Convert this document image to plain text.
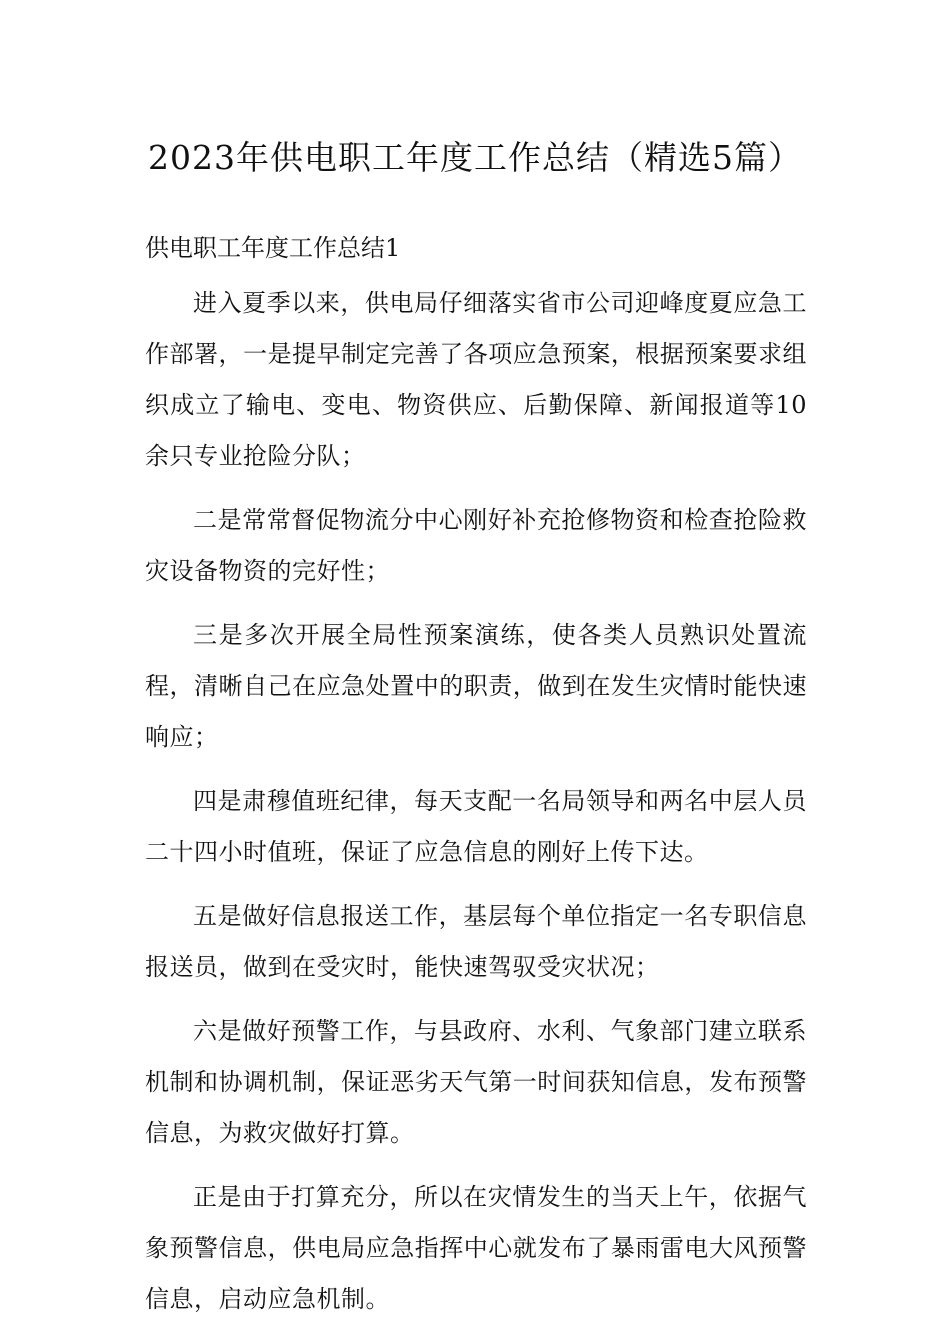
2023年供电职工年度工作总结（精选5篇）
供电职工年度工作总结1

进入夏季以来，供电局仔细落实省市公司迎峰度夏应急工作部署，一是提早制定完善了各项应急预案，根据预案要求组织成立了输电、变电、物资供应、后勤保障、新闻报道等10余只专业抢险分队；

二是常常督促物流分中心刚好补充抢修物资和检查抢险救灾设备物资的完好性；

三是多次开展全局性预案演练，使各类人员熟识处置流程，清晰自己在应急处置中的职责，做到在发生灾情时能快速响应；

四是肃穆值班纪律，每天支配一名局领导和两名中层人员二十四小时值班，保证了应急信息的刚好上传下达。

五是做好信息报送工作，基层每个单位指定一名专职信息报送员，做到在受灾时，能快速驾驭受灾状况；

六是做好预警工作，与县政府、水利、气象部门建立联系机制和协调机制，保证恶劣天气第一时间获知信息，发布预警信息，为救灾做好打算。

正是由于打算充分，所以在灾情发生的当天上午，依据气象预警信息，供电局应急指挥中心就发布了暴雨雷电大风预警信息，启动应急机制。
